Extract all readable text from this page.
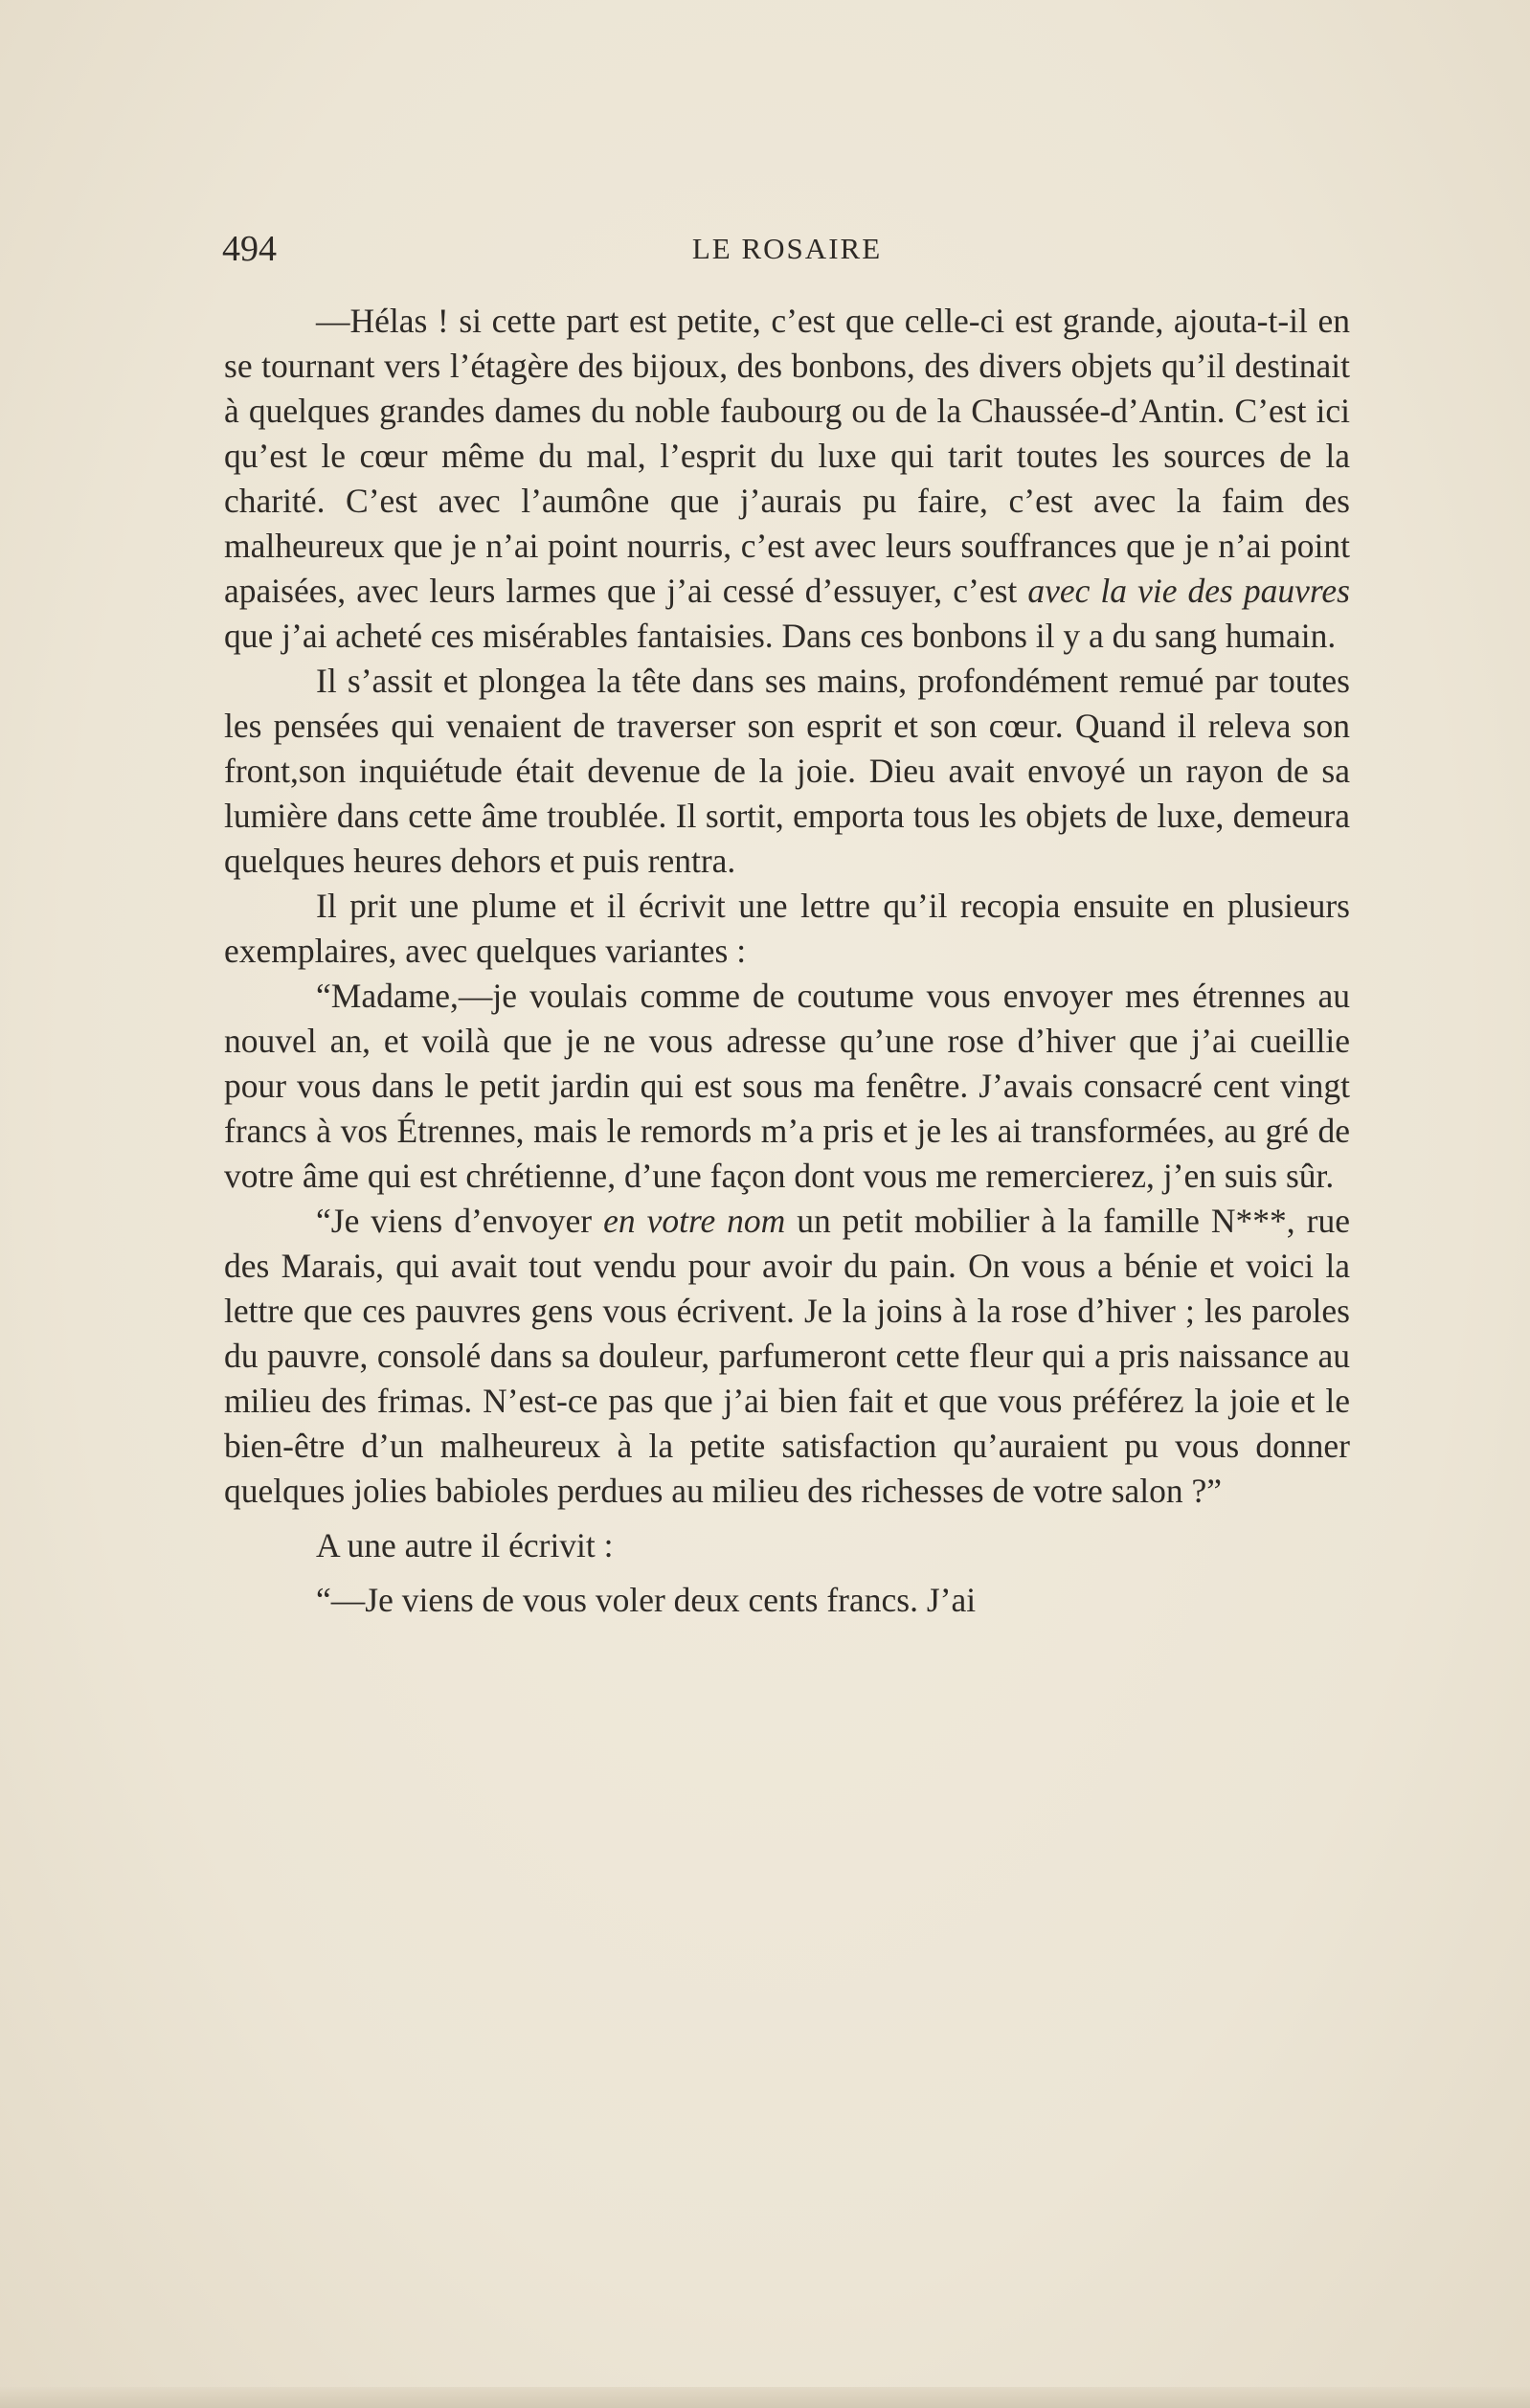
494	LE ROSAIRE

—Hélas ! si cette part est petite, c’est que celle-ci est grande, ajouta-t-il en se tournant vers l’étagère des bijoux, des bonbons, des divers objets qu’il destinait à quelques grandes dames du noble faubourg ou de la Chaussée-d’Antin. C’est ici qu’est le cœur même du mal, l’esprit du luxe qui tarit toutes les sources de la charité. C’est avec l’aumône que j’aurais pu faire, c’est avec la faim des malheureux que je n’ai point nourris, c’est avec leurs souffrances que je n’ai point apaisées, avec leurs larmes que j’ai cessé d’essuyer, c’est avec la vie des pauvres que j’ai acheté ces misérables fantaisies. Dans ces bonbons il y a du sang humain.

Il s’assit et plongea la tête dans ses mains, profondément remué par toutes les pensées qui venaient de traverser son esprit et son cœur. Quand il releva son front,son inquiétude était devenue de la joie. Dieu avait envoyé un rayon de sa lumière dans cette âme troublée. Il sortit, emporta tous les objets de luxe, demeura quelques heures dehors et puis rentra.

Il prit une plume et il écrivit une lettre qu’il recopia ensuite en plusieurs exemplaires, avec quelques variantes :

“Madame,—je voulais comme de coutume vous envoyer mes étrennes au nouvel an, et voilà que je ne vous adresse qu’une rose d’hiver que j’ai cueillie pour vous dans le petit jardin qui est sous ma fenêtre. J’avais consacré cent vingt francs à vos Étrennes, mais le remords m’a pris et je les ai transformées, au gré de votre âme qui est chrétienne, d’une façon dont vous me remercierez, j’en suis sûr.

“Je viens d’envoyer en votre nom un petit mobilier à la famille N***, rue des Marais, qui avait tout vendu pour avoir du pain. On vous a bénie et voici la lettre que ces pauvres gens vous écrivent. Je la joins à la rose d’hiver ; les paroles du pauvre, consolé dans sa douleur, parfumeront cette fleur qui a pris naissance au milieu des frimas. N’est-ce pas que j’ai bien fait et que vous préférez la joie et le bien-être d’un malheureux à la petite satisfaction qu’auraient pu vous donner quelques jolies babioles perdues au milieu des richesses de votre salon ?”

A une autre il écrivit :

“—Je viens de vous voler deux cents francs. J’ai
